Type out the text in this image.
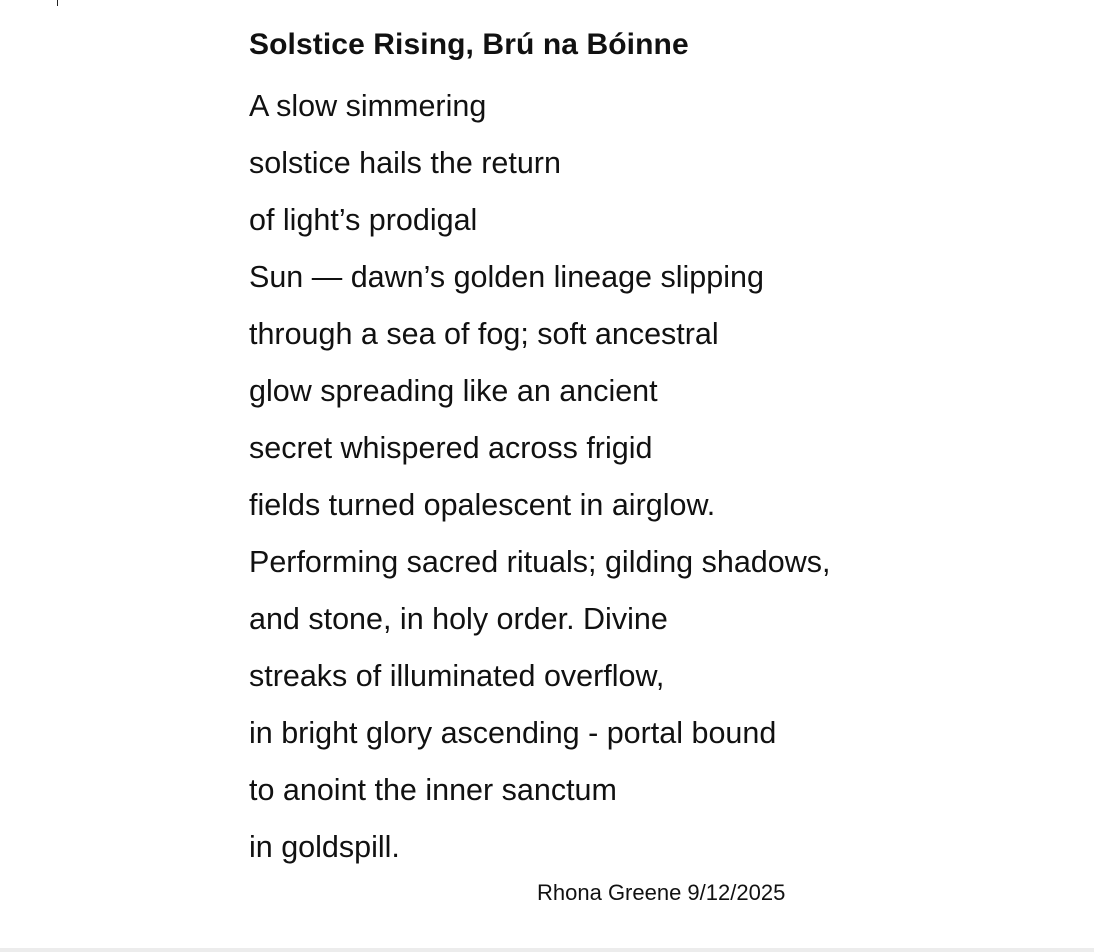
Solstice Rising, Brú na Bóinne
A slow simmering
solstice hails the return
of light’s prodigal
Sun — dawn’s golden lineage slipping
through a sea of fog; soft ancestral
glow spreading like an ancient
secret whispered across frigid
fields turned opalescent in airglow.
Performing sacred rituals; gilding shadows,
and stone, in holy order. Divine
streaks of illuminated overflow,
in bright glory ascending - portal bound
to anoint the inner sanctum
in goldspill.
Rhona Greene 9/12/2025
